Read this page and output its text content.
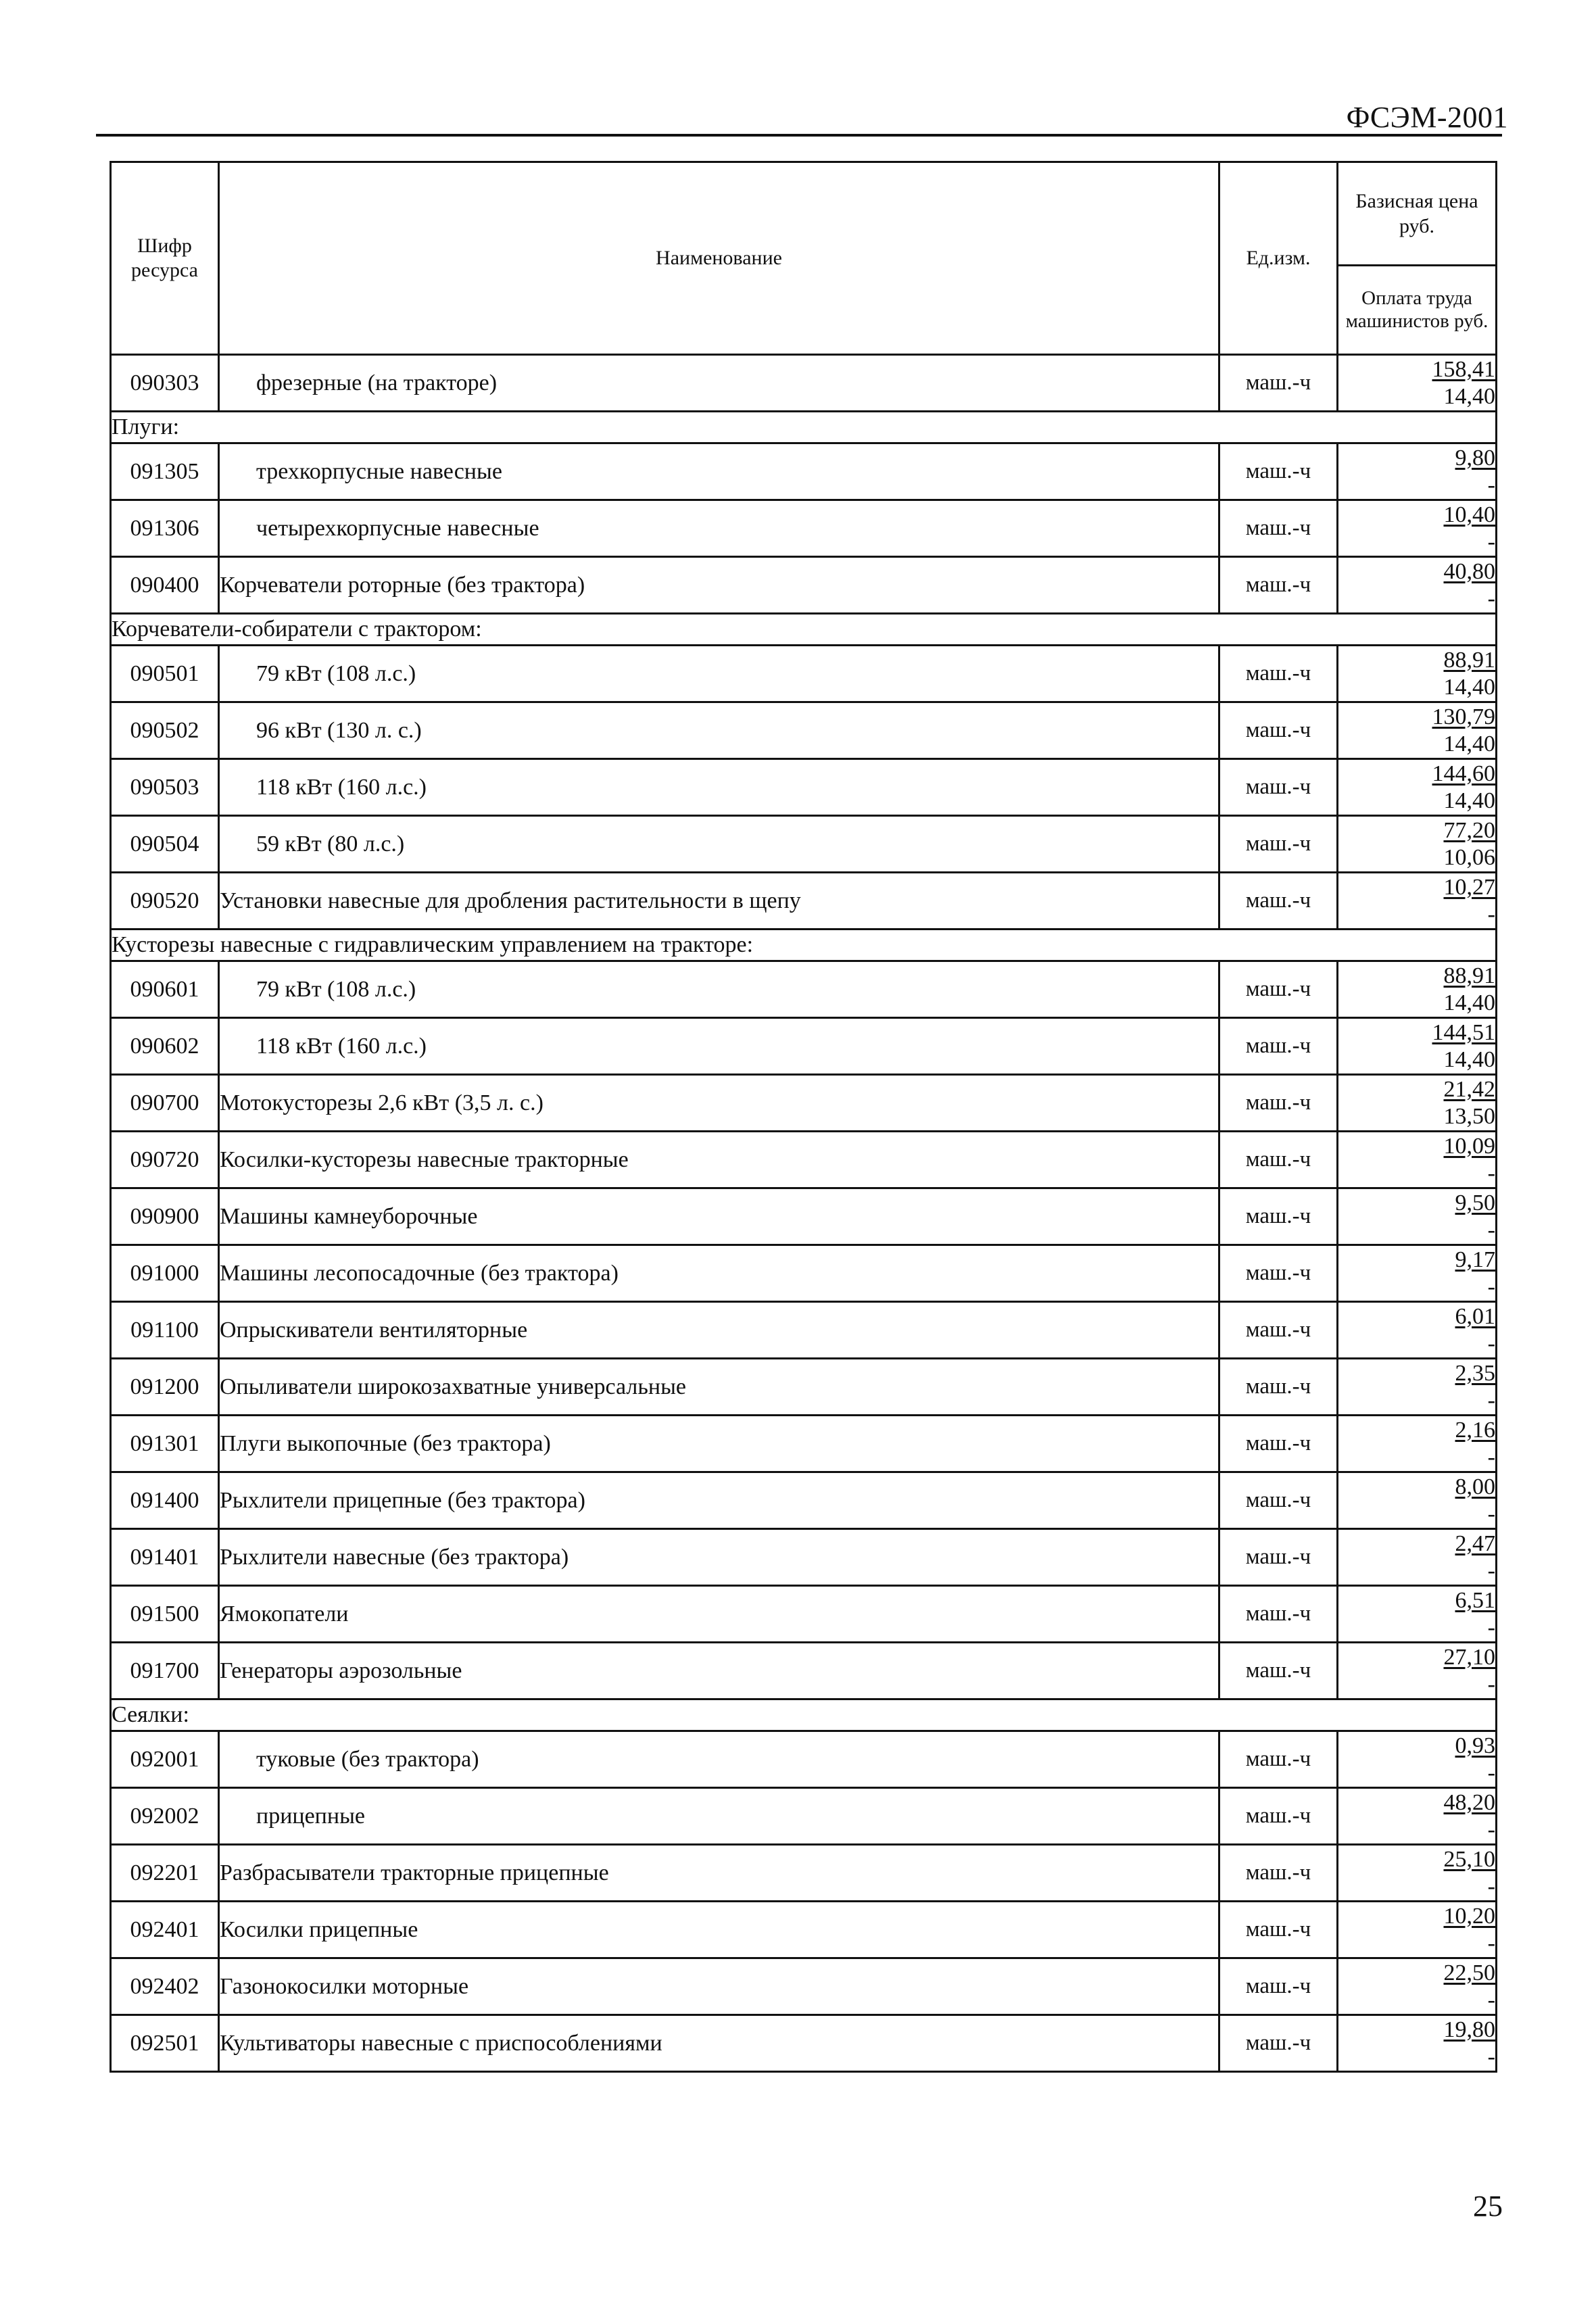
ФСЭМ-2001
Шифр ресурса	Наименование	Ед.изм.	Базисная цена руб.
			Оплата труда машинистов руб.
090303	фрезерные (на тракторе)	маш.-ч	158,41
14,40

Плуги:			
091305	трехкорпусные навесные	маш.-ч	9,80
-

091306	четырехкорпусные навесные	маш.-ч	10,40
-

090400	Корчеватели роторные (без трактора)	маш.-ч	40,80
-

Корчеватели-собиратели с трактором:			
090501	79 кВт (108 л.с.)	маш.-ч	88,91
14,40

090502	96 кВт (130 л. с.)	маш.-ч	130,79
14,40

090503	118 кВт (160 л.с.)	маш.-ч	144,60
14,40

090504	59 кВт (80 л.с.)	маш.-ч	77,20
10,06

090520	Установки навесные для дробления растительности в щепу	маш.-ч	10,27
-

Кусторезы навесные с гидравлическим управлением на тракторе:			
090601	79 кВт (108 л.с.)	маш.-ч	88,91
14,40

090602	118 кВт (160 л.с.)	маш.-ч	144,51
14,40

090700	Мотокусторезы 2,6 кВт (3,5 л. с.)	маш.-ч	21,42
13,50

090720	Косилки-кусторезы навесные тракторные	маш.-ч	10,09
-

090900	Машины камнеуборочные	маш.-ч	9,50
-

091000	Машины лесопосадочные (без трактора)	маш.-ч	9,17
-

091100	Опрыскиватели вентиляторные	маш.-ч	6,01
-

091200	Опыливатели широкозахватные универсальные	маш.-ч	2,35
-

091301	Плуги выкопочные (без трактора)	маш.-ч	2,16
-

091400	Рыхлители прицепные (без трактора)	маш.-ч	8,00
-

091401	Рыхлители навесные (без трактора)	маш.-ч	2,47
-

091500	Ямокопатели	маш.-ч	6,51
-

091700	Генераторы аэрозольные	маш.-ч	27,10
-

Сеялки:			
092001	туковые (без трактора)	маш.-ч	0,93
-

092002	прицепные	маш.-ч	48,20
-

092201	Разбрасыватели тракторные прицепные	маш.-ч	25,10
-

092401	Косилки прицепные	маш.-ч	10,20
-

092402	Газонокосилки моторные	маш.-ч	22,50
-

092501	Культиваторы навесные с приспособлениями	маш.-ч	19,80
-
25
